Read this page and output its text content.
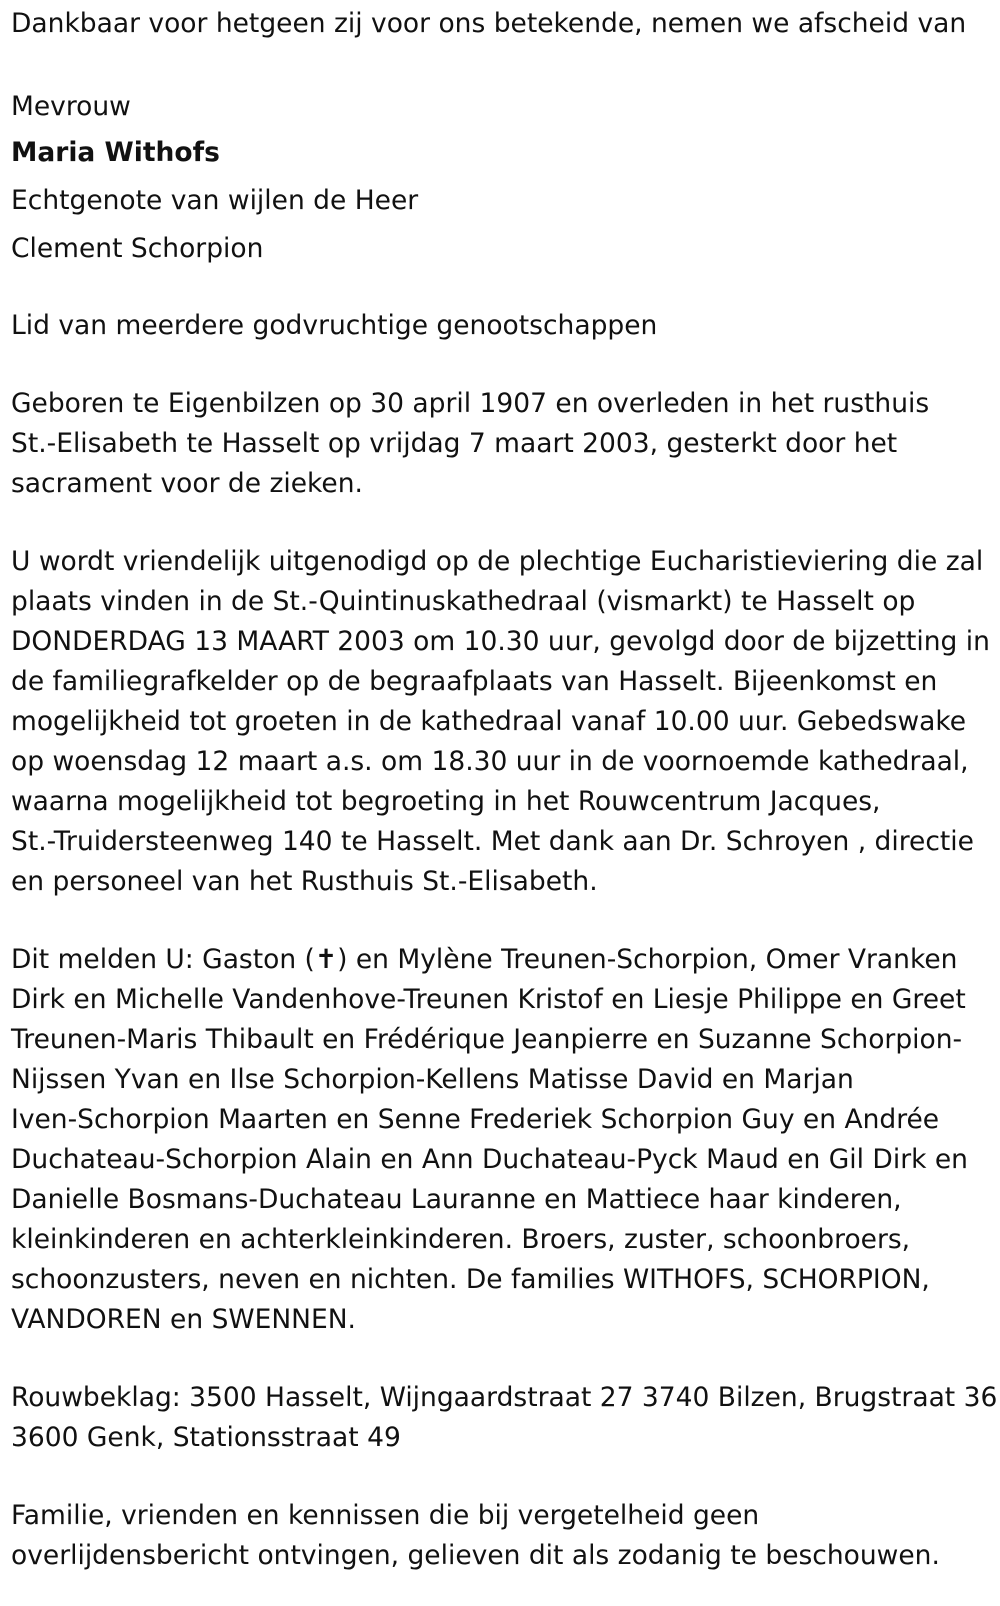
Dankbaar voor hetgeen zij voor ons betekende, nemen we afscheid van

Mevrouw

Maria Withofs

Echtgenote van wijlen de Heer

Clement Schorpion

Lid van meerdere godvruchtige genootschappen

Geboren te Eigenbilzen op 30 april 1907 en overleden in het rusthuis

St.-Elisabeth te Hasselt op vrijdag 7 maart 2003, gesterkt door het

sacrament voor de zieken.

U wordt vriendelijk uitgenodigd op de plechtige Eucharistieviering die zal

plaats vinden in de St.-Quintinuskathedraal (vismarkt) te Hasselt op

DONDERDAG 13 MAART 2003 om 10.30 uur, gevolgd door de bijzetting in

de familiegrafkelder op de begraafplaats van Hasselt. Bijeenkomst en

mogelijkheid tot groeten in de kathedraal vanaf 10.00 uur. Gebedswake

op woensdag 12 maart a.s. om 18.30 uur in de voornoemde kathedraal,

waarna mogelijkheid tot begroeting in het Rouwcentrum Jacques,

St.-Truidersteenweg 140 te Hasselt. Met dank aan Dr. Schroyen , directie

en personeel van het Rusthuis St.-Elisabeth.

Dit melden U: Gaston (✝) en Mylène Treunen-Schorpion, Omer Vranken

Dirk en Michelle Vandenhove-Treunen Kristof en Liesje Philippe en Greet

Treunen-Maris Thibault en Frédérique Jeanpierre en Suzanne Schorpion-

Nijssen Yvan en Ilse Schorpion-Kellens Matisse David en Marjan

Iven-Schorpion Maarten en Senne Frederiek Schorpion Guy en Andrée

Duchateau-Schorpion Alain en Ann Duchateau-Pyck Maud en Gil Dirk en

Danielle Bosmans-Duchateau Lauranne en Mattiece haar kinderen,

kleinkinderen en achterkleinkinderen. Broers, zuster, schoonbroers,

schoonzusters, neven en nichten. De families WITHOFS, SCHORPION,

VANDOREN en SWENNEN.

Rouwbeklag: 3500 Hasselt, Wijngaardstraat 27 3740 Bilzen, Brugstraat 36

3600 Genk, Stationsstraat 49

Familie, vrienden en kennissen die bij vergetelheid geen

overlijdensbericht ontvingen, gelieven dit als zodanig te beschouwen.
